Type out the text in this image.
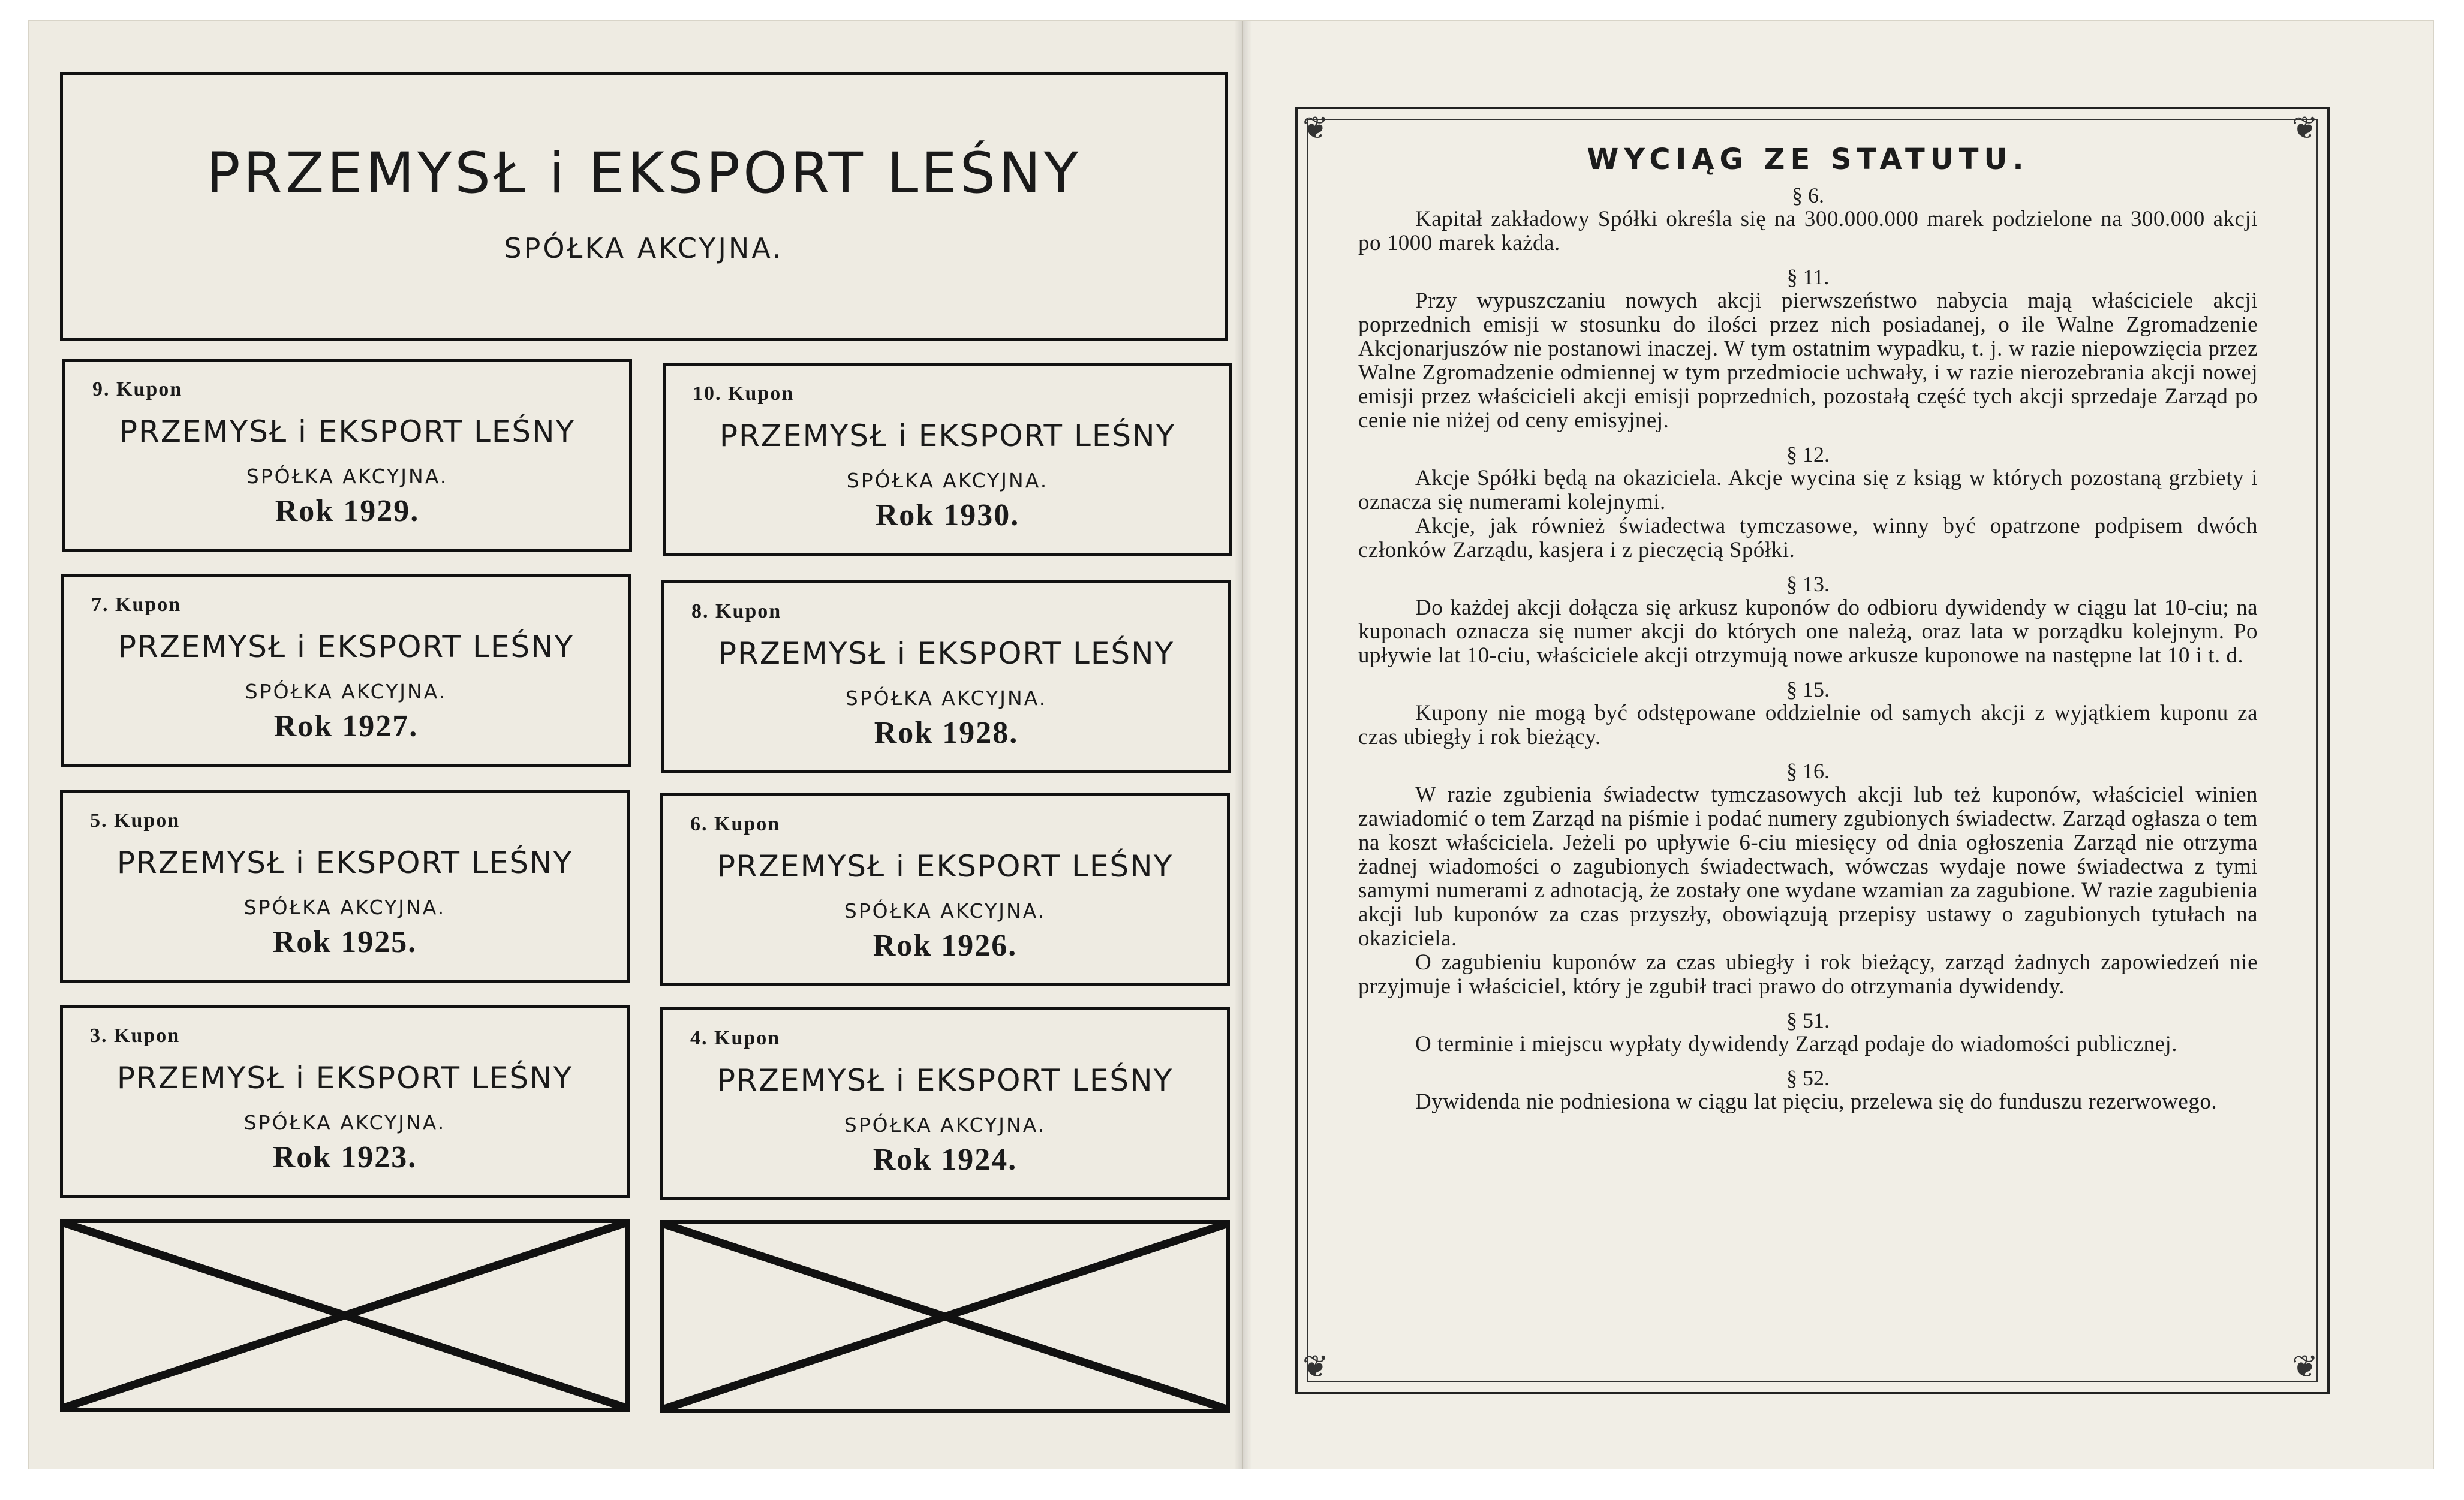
PRZEMYSŁ i EKSPORT LEŚNY
SPÓŁKA AKCYJNA.
9. Kupon
PRZEMYSŁ i EKSPORT LEŚNY
SPÓŁKA AKCYJNA.
Rok 1929.
10. Kupon
PRZEMYSŁ i EKSPORT LEŚNY
SPÓŁKA AKCYJNA.
Rok 1930.
7. Kupon
PRZEMYSŁ i EKSPORT LEŚNY
SPÓŁKA AKCYJNA.
Rok 1927.
8. Kupon
PRZEMYSŁ i EKSPORT LEŚNY
SPÓŁKA AKCYJNA.
Rok 1928.
5. Kupon
PRZEMYSŁ i EKSPORT LEŚNY
SPÓŁKA AKCYJNA.
Rok 1925.
6. Kupon
PRZEMYSŁ i EKSPORT LEŚNY
SPÓŁKA AKCYJNA.
Rok 1926.
3. Kupon
PRZEMYSŁ i EKSPORT LEŚNY
SPÓŁKA AKCYJNA.
Rok 1923.
4. Kupon
PRZEMYSŁ i EKSPORT LEŚNY
SPÓŁKA AKCYJNA.
Rok 1924.
❦	❦
❦	❦
WYCIĄG ZE STATUTU.
§ 6.
Kapitał zakładowy Spółki określa się na 300.000.000 marek podzielone na 300.000 akcji po 1000 marek każda.
§ 11.
Przy wypuszczaniu nowych akcji pierwszeństwo nabycia mają właściciele akcji poprzednich emisji w stosunku do ilości przez nich posiadanej, o ile Walne Zgromadzenie Akcjonarjuszów nie postanowi inaczej. W tym ostatnim wypadku, t. j. w razie niepowzięcia przez Walne Zgromadzenie odmiennej w tym przedmiocie uchwały, i w razie nierozebrania akcji nowej emisji przez właścicieli akcji emisji poprzednich, pozostałą część tych akcji sprzedaje Zarząd po cenie nie niżej od ceny emisyjnej.
§ 12.
Akcje Spółki będą na okaziciela. Akcje wycina się z ksiąg w których pozostaną grzbiety i oznacza się numerami kolejnymi.
Akcje, jak również świadectwa tymczasowe, winny być opatrzone podpisem dwóch członków Zarządu, kasjera i z pieczęcią Spółki.
§ 13.
Do każdej akcji dołącza się arkusz kuponów do odbioru dywidendy w ciągu lat 10-ciu; na kuponach oznacza się numer akcji do których one należą, oraz lata w porządku kolejnym. Po upływie lat 10-ciu, właściciele akcji otrzymują nowe arkusze kuponowe na następne lat 10 i t. d.
§ 15.
Kupony nie mogą być odstępowane oddzielnie od samych akcji z wyjątkiem kuponu za czas ubiegły i rok bieżący.
§ 16.
W razie zgubienia świadectw tymczasowych akcji lub też kuponów, właściciel winien zawiadomić o tem Zarząd na piśmie i podać numery zgubionych świadectw. Zarząd ogłasza o tem na koszt właściciela. Jeżeli po upływie 6-ciu miesięcy od dnia ogłoszenia Zarząd nie otrzyma żadnej wiadomości o zagubionych świadectwach, wówczas wydaje nowe świadectwa z tymi samymi numerami z adnotacją, że zostały one wydane wzamian za zagubione. W razie zagubienia akcji lub kuponów za czas przyszły, obowiązują przepisy ustawy o zagubionych tytułach na okaziciela.
O zagubieniu kuponów za czas ubiegły i rok bieżący, zarząd żadnych zapowiedzeń nie przyjmuje i właściciel, który je zgubił traci prawo do otrzymania dywidendy.
§ 51.
O terminie i miejscu wypłaty dywidendy Zarząd podaje do wiadomości publicznej.
§ 52.
Dywidenda nie podniesiona w ciągu lat pięciu, przelewa się do funduszu rezerwowego.
